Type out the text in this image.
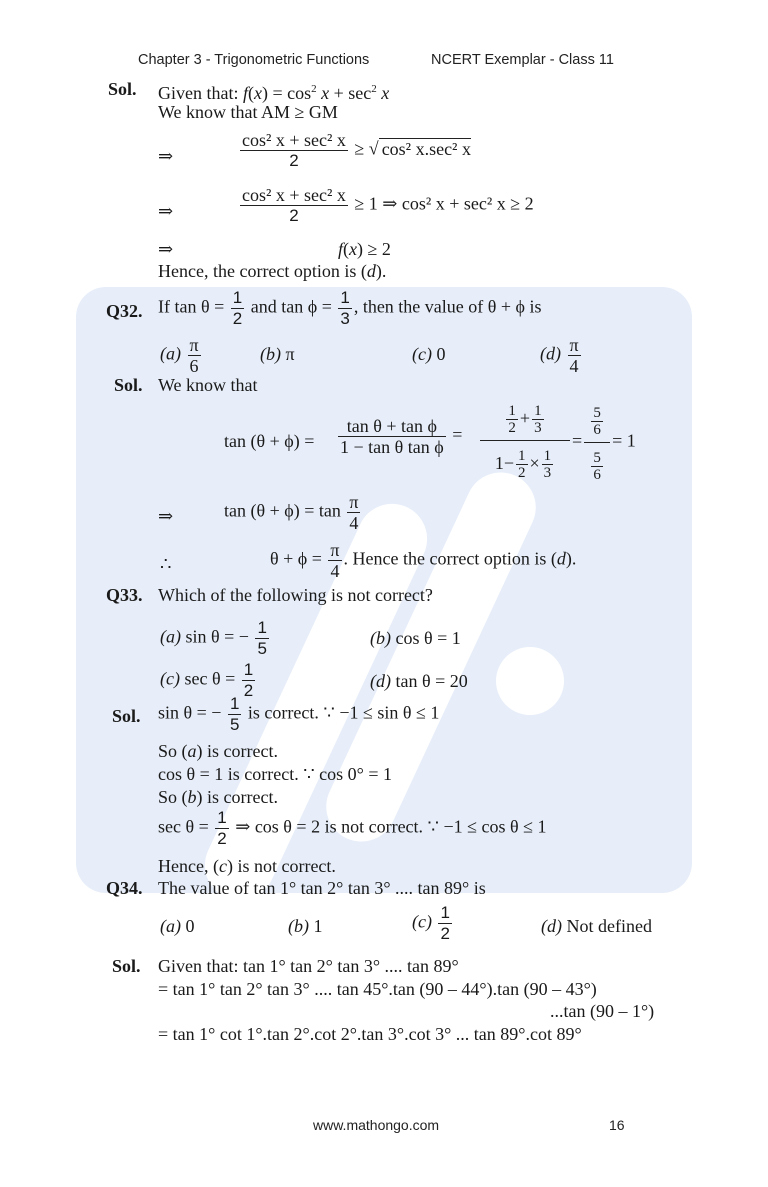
Chapter 3 - Trigonometric Functions	NCERT Exemplar - Class 11
Sol. Given that: $f(x) = \cos^2 x + \sec^2 x$
We know that AM ≥ GM
⇒	$\frac{\text{cos² x + sec² x}}{2}$ ≥ √ cos² x.sec² x
⇒	$\frac{\text{cos² x + sec² x}}{2} \ge 1$ ⇒ cos² x + sec² x ≥ 2
⇒	f(x) ≥ 2
Hence, the correct option is (d).
Q32. If $\tan \theta = \frac{1}{2}$ and $\tan \phi = \frac{1}{3}$ , then the value of θ + ϕ is
$(a) \frac{\pi}{6}$	(b) π	(c) 0	$(d) \frac{\pi}{4}$
Sol. We know that
$\tan (\theta + \phi) = \frac{\text{tan θ + tan ϕ}}{\text{1 − tan θ tan ϕ}} = \frac{\frac{1}{2} + \frac{1}{3}}{1- \frac{1}{2} \times \frac{1}{3}} = \frac{\frac{5}{6}}{\frac{5}{6}} = 1$
⇒	$\tan (\theta + \phi) = \tan \frac{\pi}{4}$
∴	$\theta + \phi = \frac{\pi}{4}$ . Hence the correct option is (d).
Q33. Which of the following is not correct?
(a) sin θ = − $\frac{1}{5}$	(b) cos θ = 1
(c) $\sec \theta = \frac{1}{2}$	(d) tan θ = 20
Sol. sin θ = − $\frac{1}{5}$ is correct. ∵ −1 ≤ sin θ ≤ 1
So (a) is correct.
cos θ = 1 is correct. ∵ cos 0° = 1
So (b) is correct.
$\sec \theta = \frac{1}{2}$ ⇒ cos θ = 2 is not correct. ∵ −1 ≤ cos θ ≤ 1
Hence, (c) is not correct.
Q34. The value of tan 1° tan 2° tan 3° .... tan 89° is
(a) 0	(b) 1	$(c) \frac{1}{2}$	(d) Not defined
Sol. Given that: tan 1° tan 2° tan 3° .... tan 89°
= tan 1° tan 2° tan 3° .... tan 45°.tan (90 – 44°).tan (90 – 43°)
...tan (90 – 1°)
= tan 1° cot 1°.tan 2°.cot 2°.tan 3°.cot 3° ... tan 89°.cot 89°
www.mathongo.com	16
